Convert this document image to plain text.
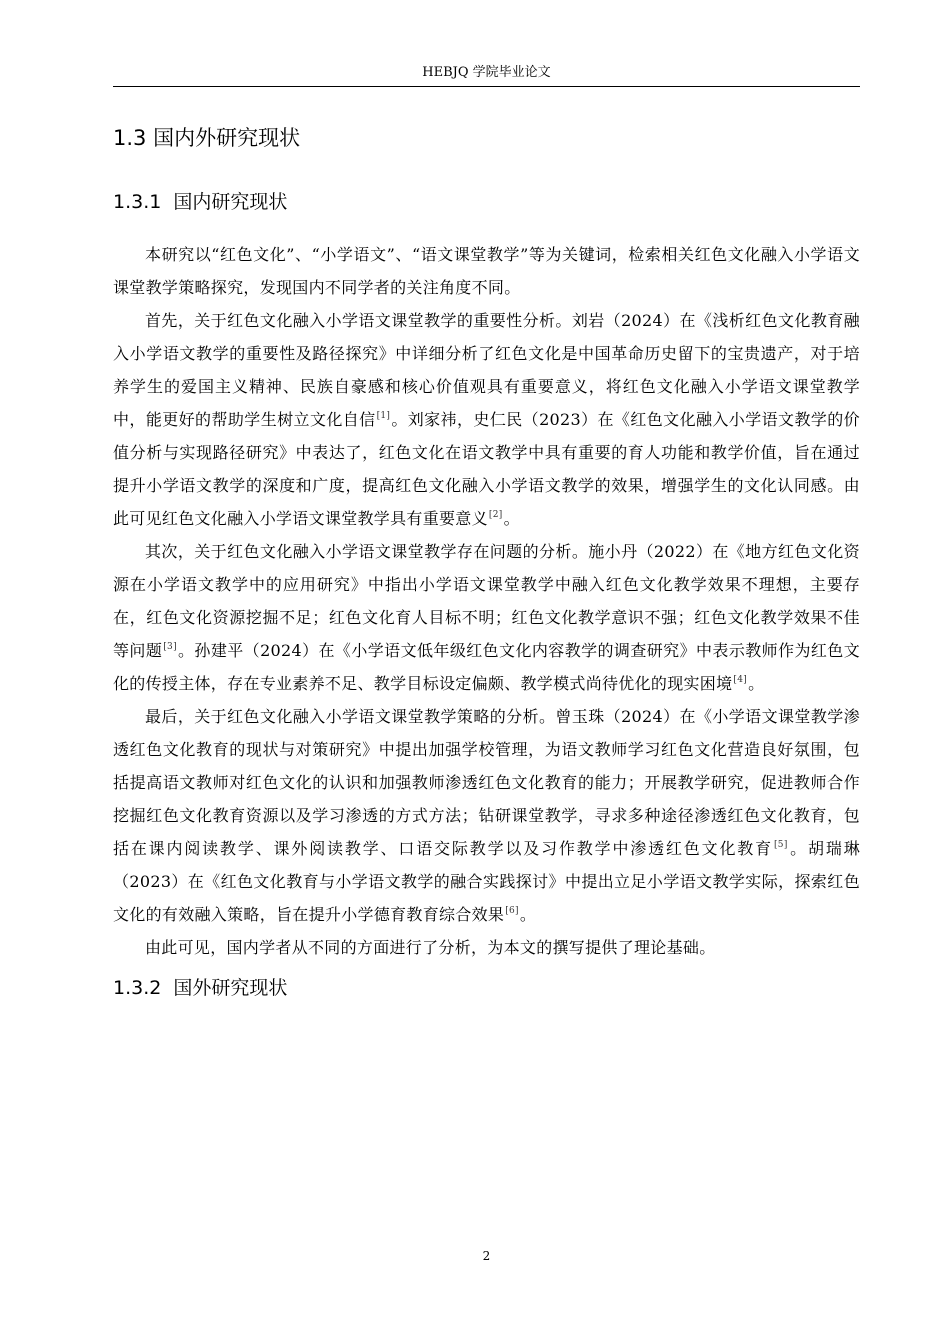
HEBJQ 学院毕业论文
1.3 国内外研究现状
1.3.1 国内研究现状

本研究以“红色文化”、“小学语文”、“语文课堂教学”等为关键词，检索相关红色文化融入小学语文课堂教学策略探究，发现国内不同学者的关注角度不同。

首先，关于红色文化融入小学语文课堂教学的重要性分析。刘岩（2024）在《浅析红色文化教育融入小学语文教学的重要性及路径探究》中详细分析了红色文化是中国革命历史留下的宝贵遗产，对于培养学生的爱国主义精神、民族自豪感和核心价值观具有重要意义，将红色文化融入小学语文课堂教学中，能更好的帮助学生树立文化自信[1]。刘家祎，史仁民（2023）在《红色文化融入小学语文教学的价值分析与实现路径研究》中表达了，红色文化在语文教学中具有重要的育人功能和教学价值，旨在通过提升小学语文教学的深度和广度，提高红色文化融入小学语文教学的效果，增强学生的文化认同感。由此可见红色文化融入小学语文课堂教学具有重要意义[2]。

其次，关于红色文化融入小学语文课堂教学存在问题的分析。施小丹（2022）在《地方红色文化资源在小学语文教学中的应用研究》中指出小学语文课堂教学中融入红色文化教学效果不理想，主要存在，红色文化资源挖掘不足；红色文化育人目标不明；红色文化教学意识不强；红色文化教学效果不佳等问题[3]。孙建平（2024）在《小学语文低年级红色文化内容教学的调查研究》中表示教师作为红色文化的传授主体，存在专业素养不足、教学目标设定偏颇、教学模式尚待优化的现实困境[4]。

最后，关于红色文化融入小学语文课堂教学策略的分析。曾玉珠（2024）在《小学语文课堂教学渗透红色文化教育的现状与对策研究》中提出加强学校管理，为语文教师学习红色文化营造良好氛围，包括提高语文教师对红色文化的认识和加强教师渗透红色文化教育的能力；开展教学研究，促进教师合作挖掘红色文化教育资源以及学习渗透的方式方法；钻研课堂教学，寻求多种途径渗透红色文化教育，包括在课内阅读教学、课外阅读教学、口语交际教学以及习作教学中渗透红色文化教育[5]。胡瑞琳（2023）在《红色文化教育与小学语文教学的融合实践探讨》中提出立足小学语文教学实际，探索红色文化的有效融入策略，旨在提升小学德育教育综合效果[6]。

由此可见，国内学者从不同的方面进行了分析，为本文的撰写提供了理论基础。

1.3.2 国外研究现状
2
